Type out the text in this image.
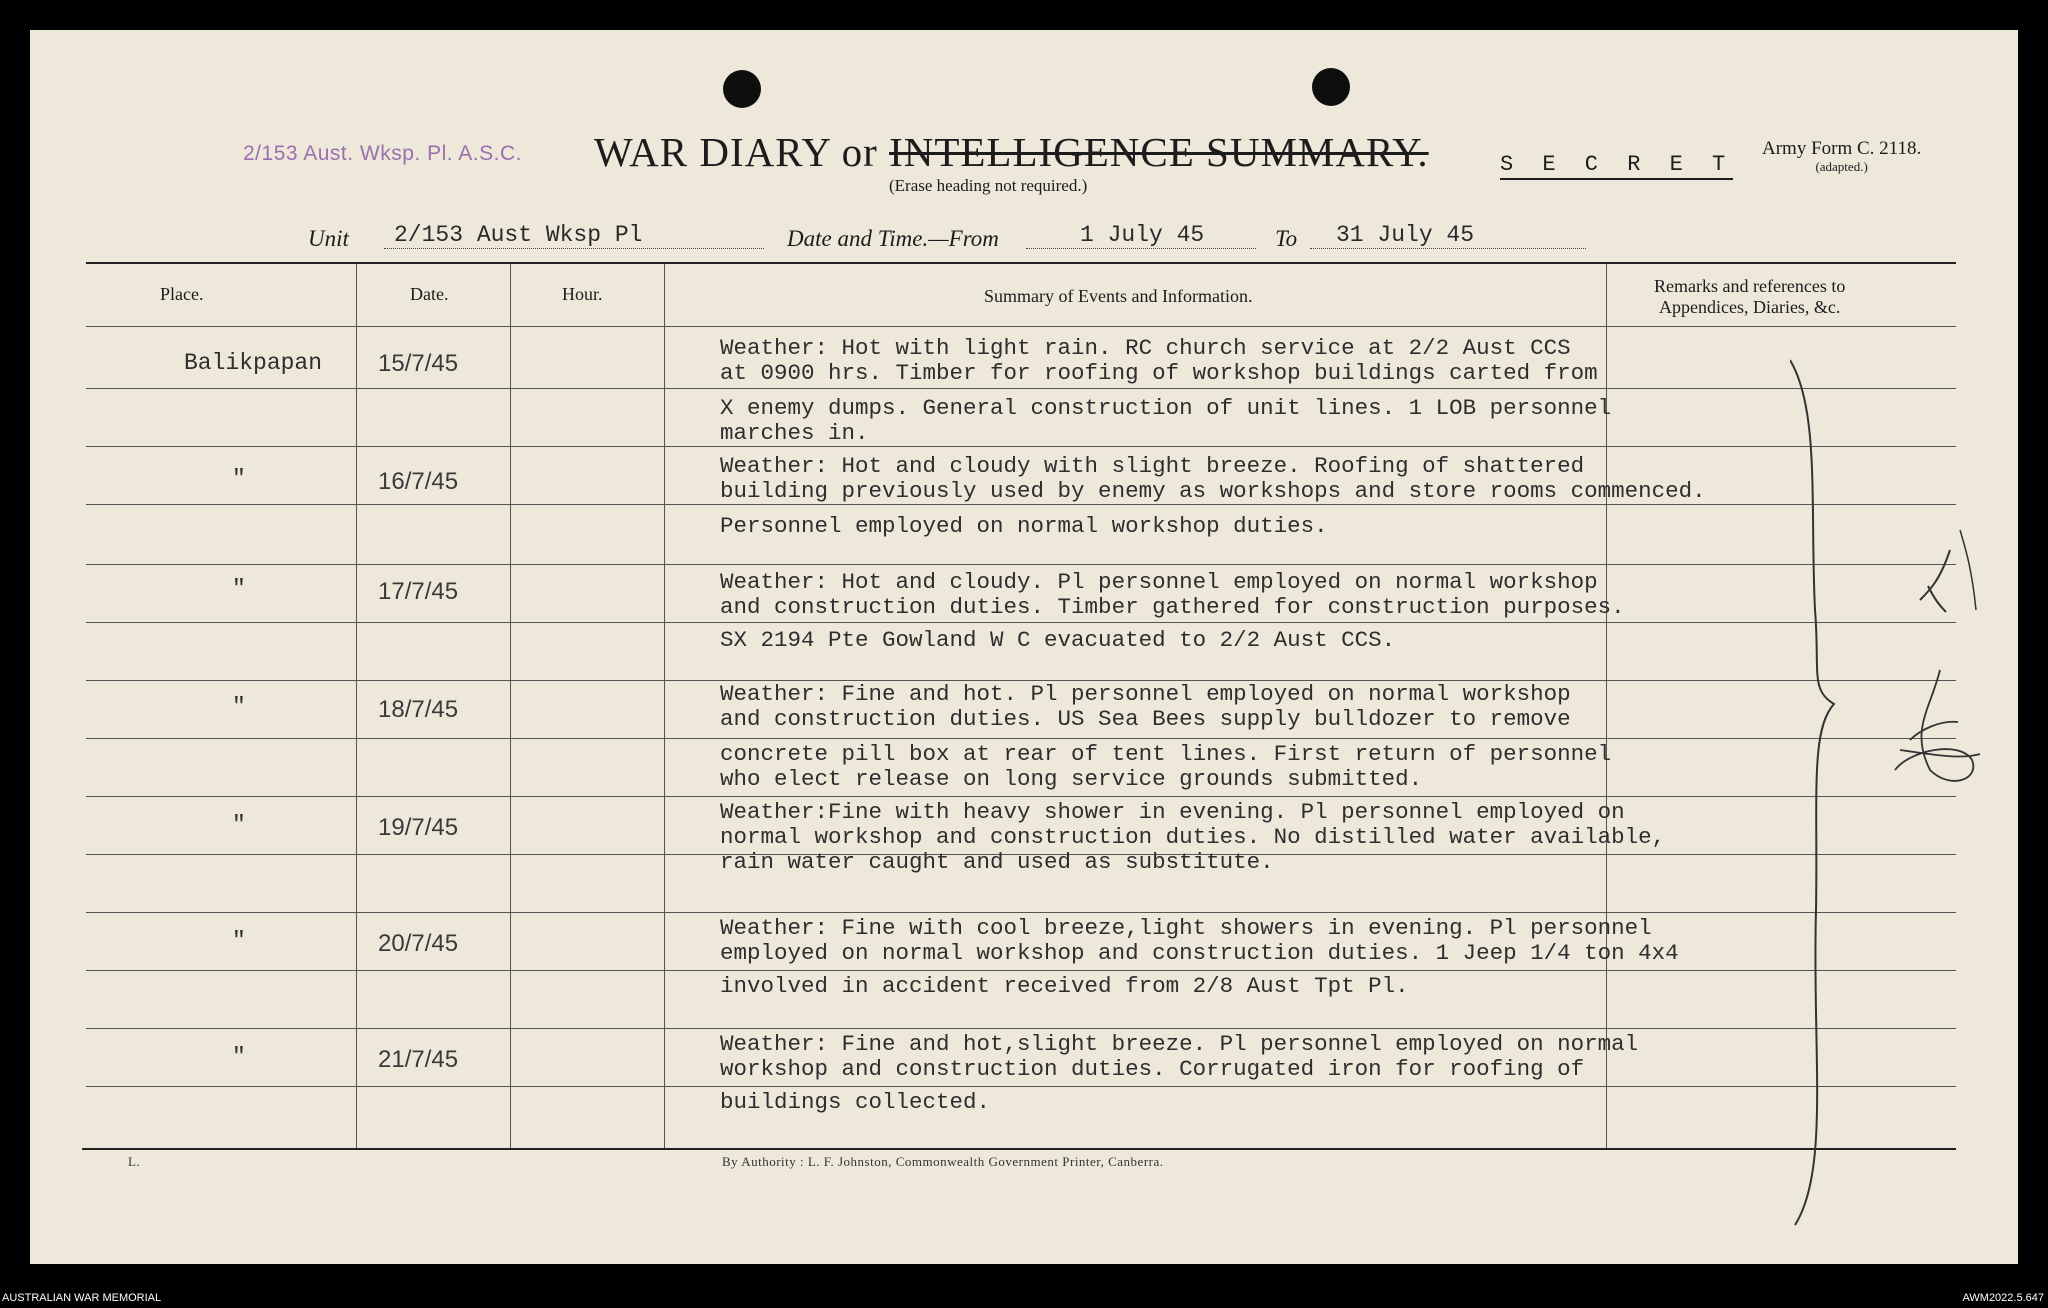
2/153 Aust. Wksp. Pl. A.S.C. WAR DIARY or INTELLIGENCE SUMMARY.
(Erase heading not required.)
S E C R E T
Army Form C. 2118.
(adapted.)
Unit 2/153 Aust Wksp Pl	Date and Time.—From	1 July 45	To 31 July 45
Place.	Date.	Hour.	Summary of Events and Information.	Remarks and references to
Appendices, Diaries, &c.
Balikpapan 15/7/45
Weather: Hot with light rain. RC church service at 2/2 Aust CCS
at 0900 hrs. Timber for roofing of workshop buildings carted from
X enemy dumps. General construction of unit lines. 1 LOB personnel
marches in.
"	16/7/45
Weather: Hot and cloudy with slight breeze. Roofing of shattered
building previously used by enemy as workshops and store rooms commenced.
Personnel employed on normal workshop duties.
"	17/7/45	Weather: Hot and cloudy. Pl personnel employed on normal workshop
and construction duties. Timber gathered for construction purposes.
SX 2194 Pte Gowland W C evacuated to 2/2 Aust CCS.
"	18/7/45
Weather: Fine and hot. Pl personnel employed on normal workshop
and construction duties. US Sea Bees supply bulldozer to remove
concrete pill box at rear of tent lines. First return of personnel
who elect release on long service grounds submitted.
"	19/7/45
Weather:Fine with heavy shower in evening. Pl personnel employed on
normal workshop and construction duties. No distilled water available,
rain water caught and used as substitute.
"	20/7/45
Weather: Fine with cool breeze,light showers in evening. Pl personnel
employed on normal workshop and construction duties. 1 Jeep 1/4 ton 4x4
involved in accident received from 2/8 Aust Tpt Pl.
"	21/7/45
Weather: Fine and hot,slight breeze. Pl personnel employed on normal
workshop and construction duties. Corrugated iron for roofing of
buildings collected.
L.	By Authority : L. F. Johnston, Commonwealth Government Printer, Canberra.
AUSTRALIAN WAR MEMORIAL	AWM2022.5.647
